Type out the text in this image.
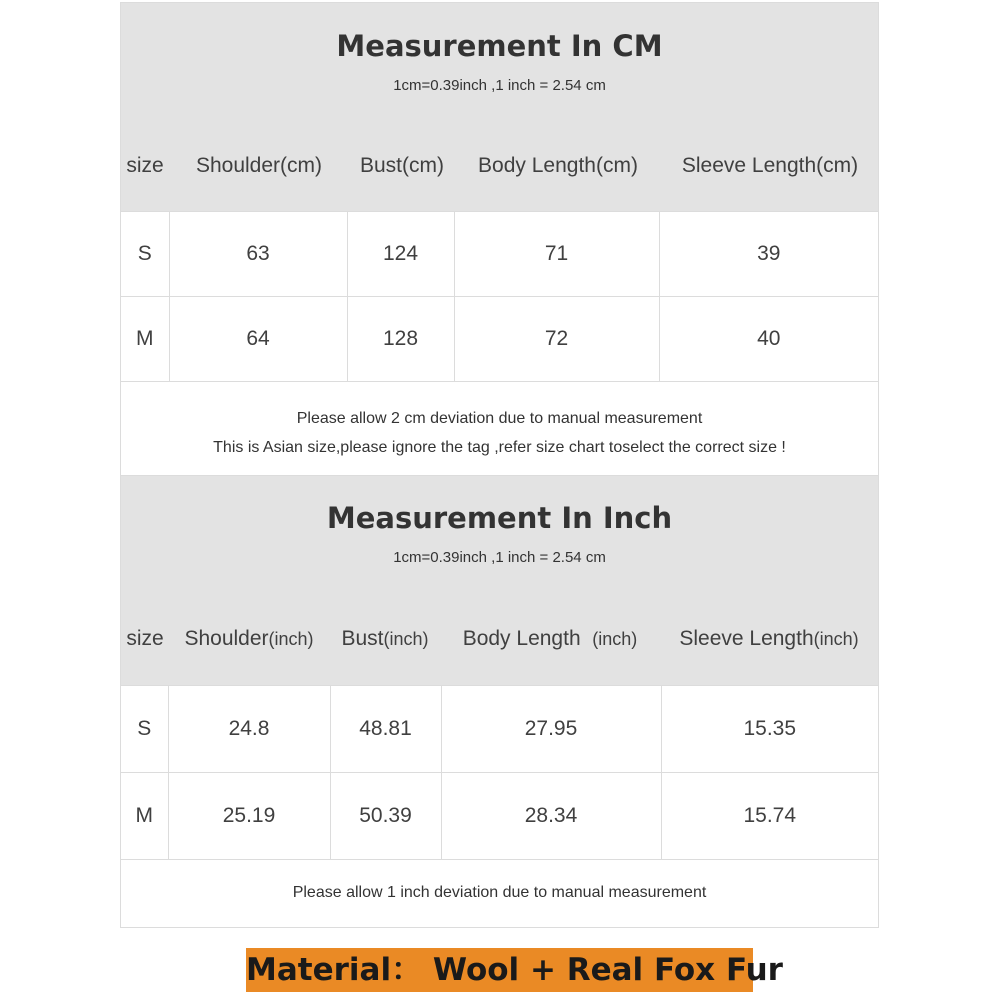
Measurement In CM
1cm=0.39inch ,1 inch = 2.54 cm
size Shoulder(cm) Bust(cm) Body Length(cm) Sleeve Length(cm)
S	63	124	71	39
M	64	128	72	40
Please allow 2 cm deviation due to manual measurement
This is Asian size,please ignore the tag ,refer size chart toselect the correct size !
Measurement In Inch
1cm=0.39inch ,1 inch = 2.54 cm
size Shoulder(inch) Bust(inch) Body Length (inch) Sleeve Length(inch)
S	24.8	48.81	27.95	15.35
M	25.19	50.39	28.34	15.74
Please allow 1 inch deviation due to manual measurement
Material： Wool + Real Fox Fur
